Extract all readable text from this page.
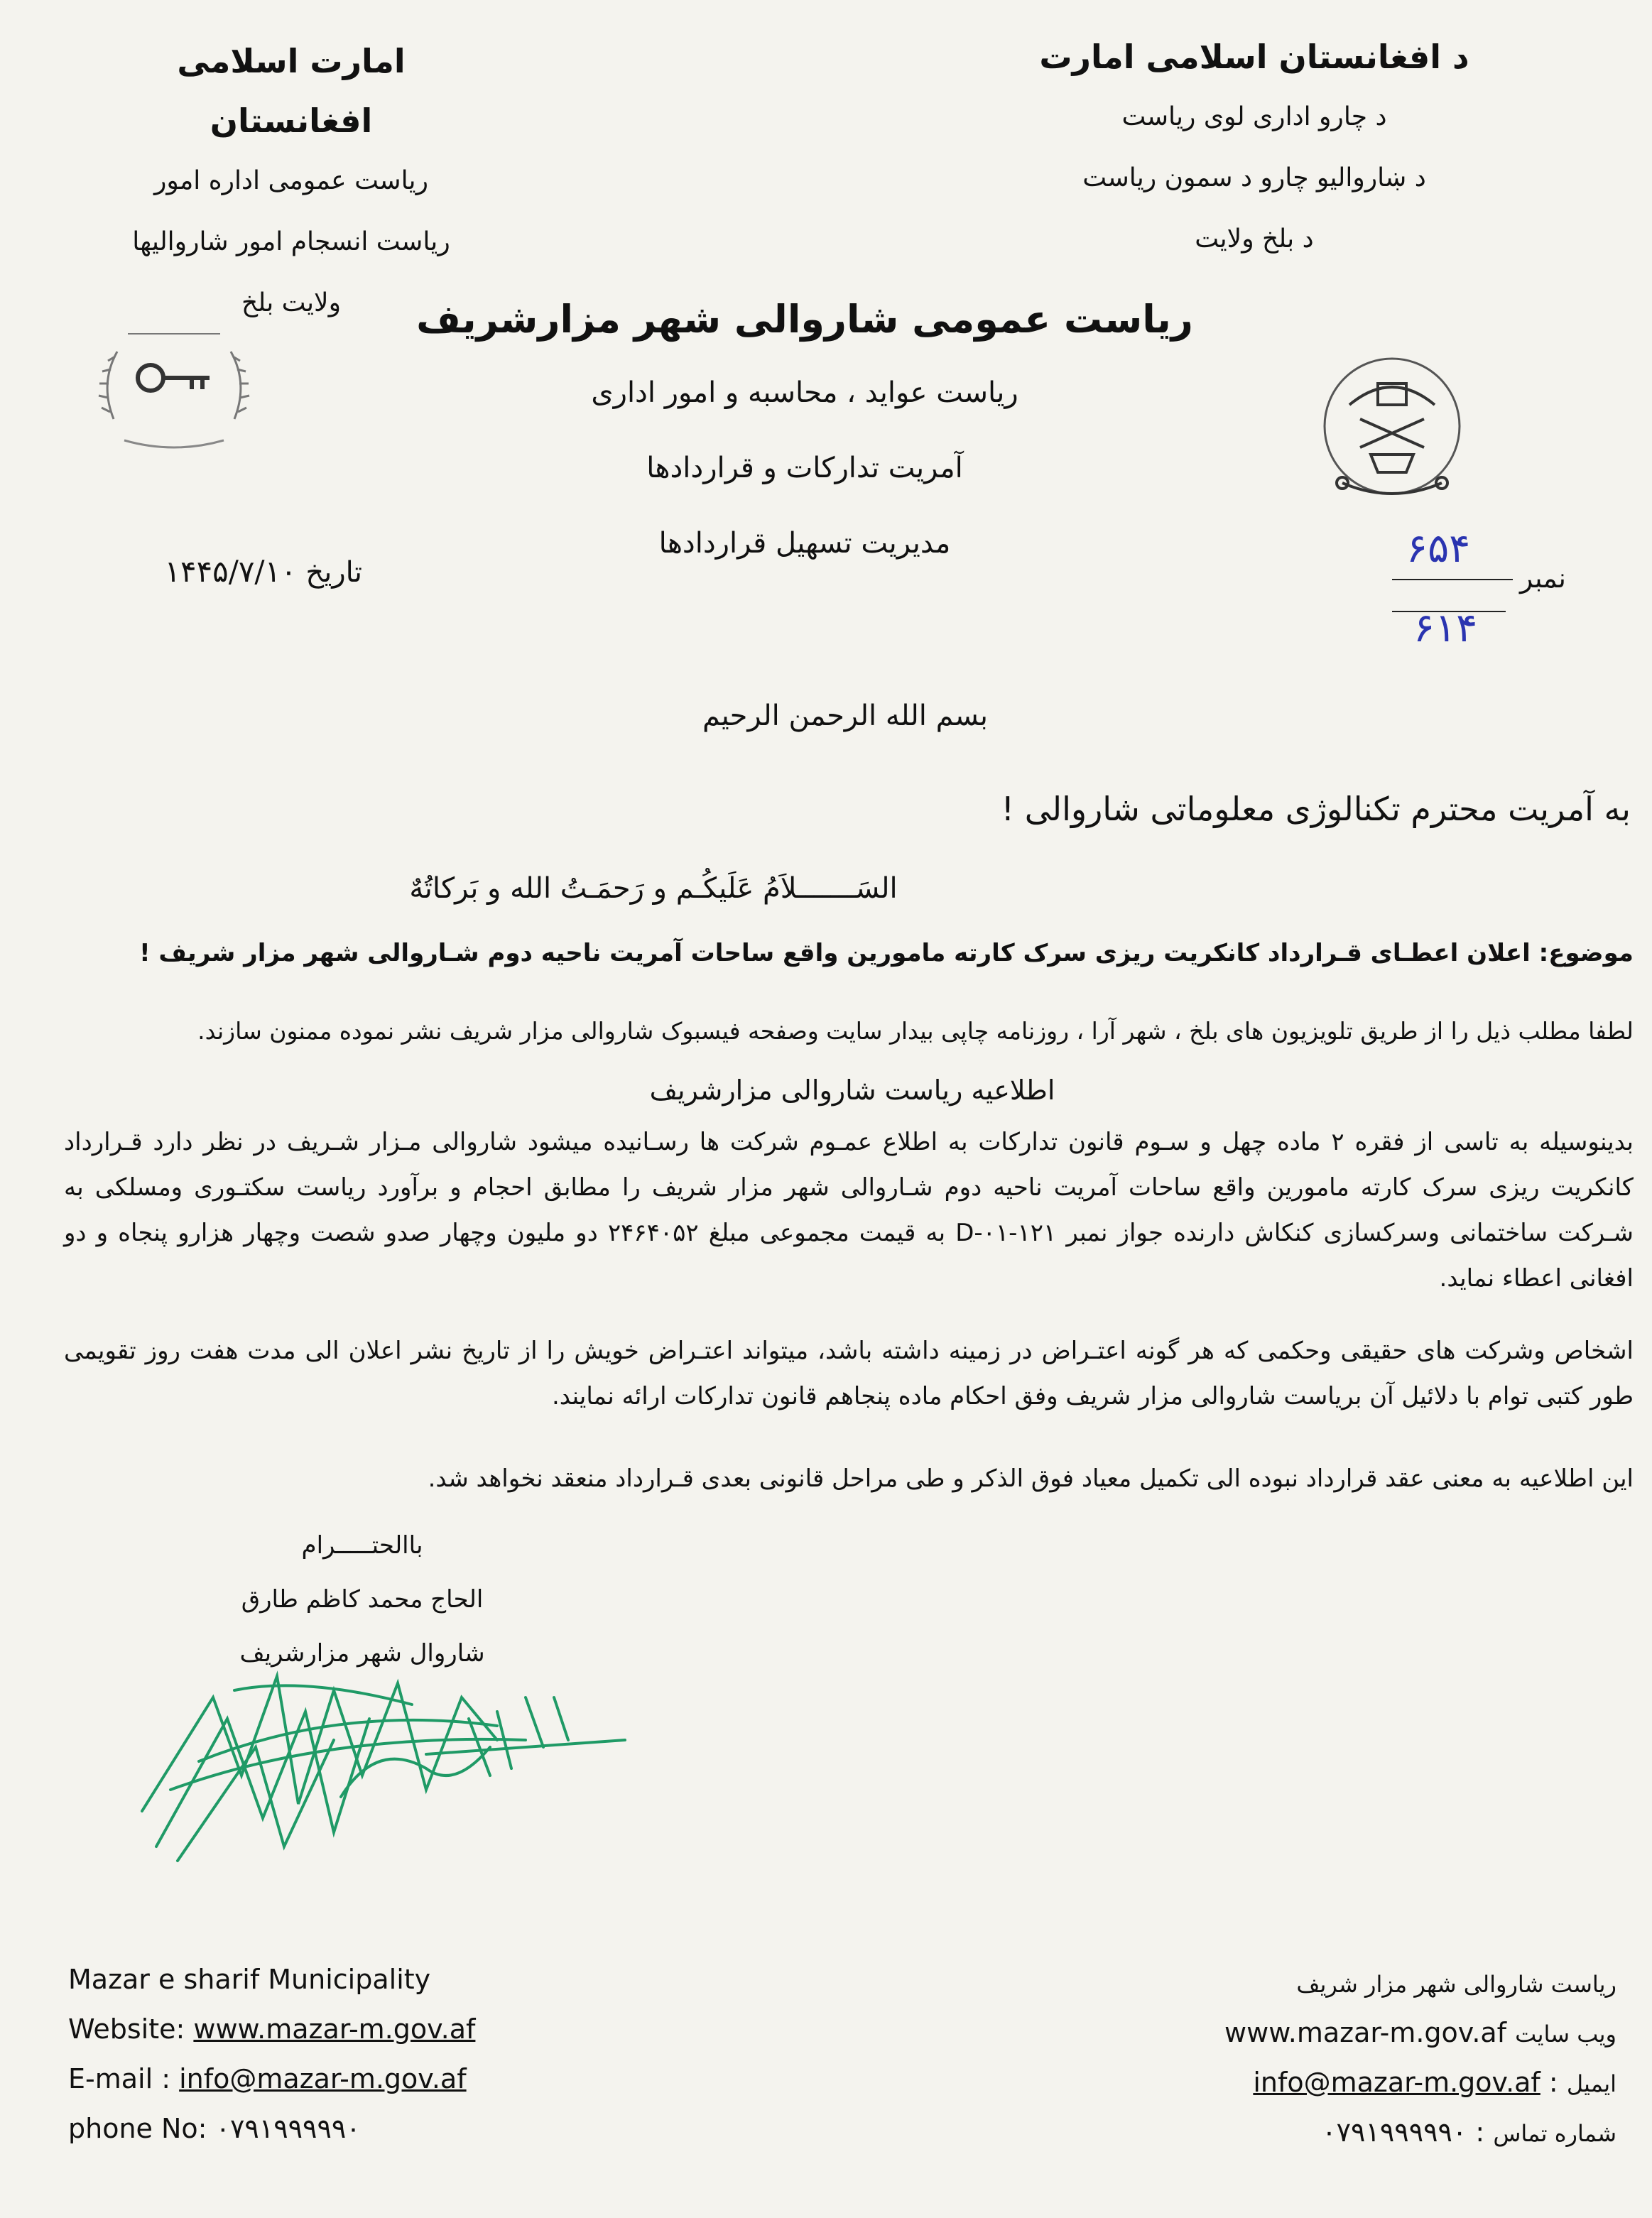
د افغانستان اسلامی امارت
د چارو اداری لوی ریاست
د ښاروالیو چارو د سمون ریاست
د بلخ ولایت
امارت اسلامی افغانستان
ریاست عمومی اداره امور
ریاست انسجام امور شاروالیها
ولایت بلخ	ریاست عمومی شاروالی شهر مزارشریف
ریاست عواید ، محاسبه و امور اداری
آمریت تدارکات و قراردادها
مدیریت تسهیل قراردادها
تاریخ ۱۴۴۵/۷/۱۰	۶۵۴
نمبر
۶۱۴
بسم الله الرحمن الرحیم
به آمریت محترم تکنالوژی معلوماتی شاروالی !
السَـــــــلاَمُ عَلَیکُـم و رَحمَـتُ الله و بَرکاتُهٌ
موضوع: اعلان اعطـای قـرارداد کانکریت ریزی سرک کارته مامورین واقع ساحات آمریت ناحیه دوم شـاروالی شهر مزار شریف !
لطفا مطلب ذیل را از طریق تلویزیون های بلخ ، شهر آرا ، روزنامه چاپی بیدار سایت وصفحه فیسبوک شاروالی مزار شریف نشر نموده ممنون سازند.
اطلاعیه ریاست شاروالی مزارشریف
بدینوسیله به تاسی از فقره ۲ ماده چهل و سـوم قانون تدارکات به اطلاع عمـوم شرکت ها رسـانیده میشود شاروالی مـزار شـریف در نظر دارد قـرارداد کانکریت ریزی سرک کارته مامورین واقع ساحات آمریت ناحیه دوم شـاروالی شهر مزار شریف را مطابق احجام و برآورد ریاست سکتـوری ومسلکی به شـرکت ساختمانی وسرکسازی کنکاش دارنده جواز نمبر D-۰۱-۱۲۱ به قیمت مجموعی مبلغ ۲۴۶۴۰۵۲ دو ملیون وچهار صدو شصت وچهار هزارو پنجاه و دو افغانی اعطاء نماید.
اشخاص وشرکت های حقیقی وحکمی که هر گونه اعتـراض در زمینه داشته باشد، میتواند اعتـراض خویش را از تاریخ نشر اعلان الی مدت هفت روز تقویمی طور کتبی توام با دلائیل آن بریاست شاروالی مزار شریف وفق احکام ماده پنجاهم قانون تدارکات ارائه نمایند.
این اطلاعیه به معنی عقد قرارداد نبوده الی تکمیل معیاد فوق الذکر و طی مراحل قانونی بعدی قـرارداد منعقد نخواهد شد.
باالحتـــــرام
الحاج محمد کاظم طارق
شاروال شهر مزارشریف
Mazar e sharif Municipality
Website: www.mazar-m.gov.af
E-mail : info@mazar-m.gov.af
phone No: ۰۷۹۱۹۹۹۹۹۰
ریاست شاروالی شهر مزار شریف
ویب سایت www.mazar-m.gov.af
ایمیل : info@mazar-m.gov.af
شماره تماس : ۰۷۹۱۹۹۹۹۹۰
